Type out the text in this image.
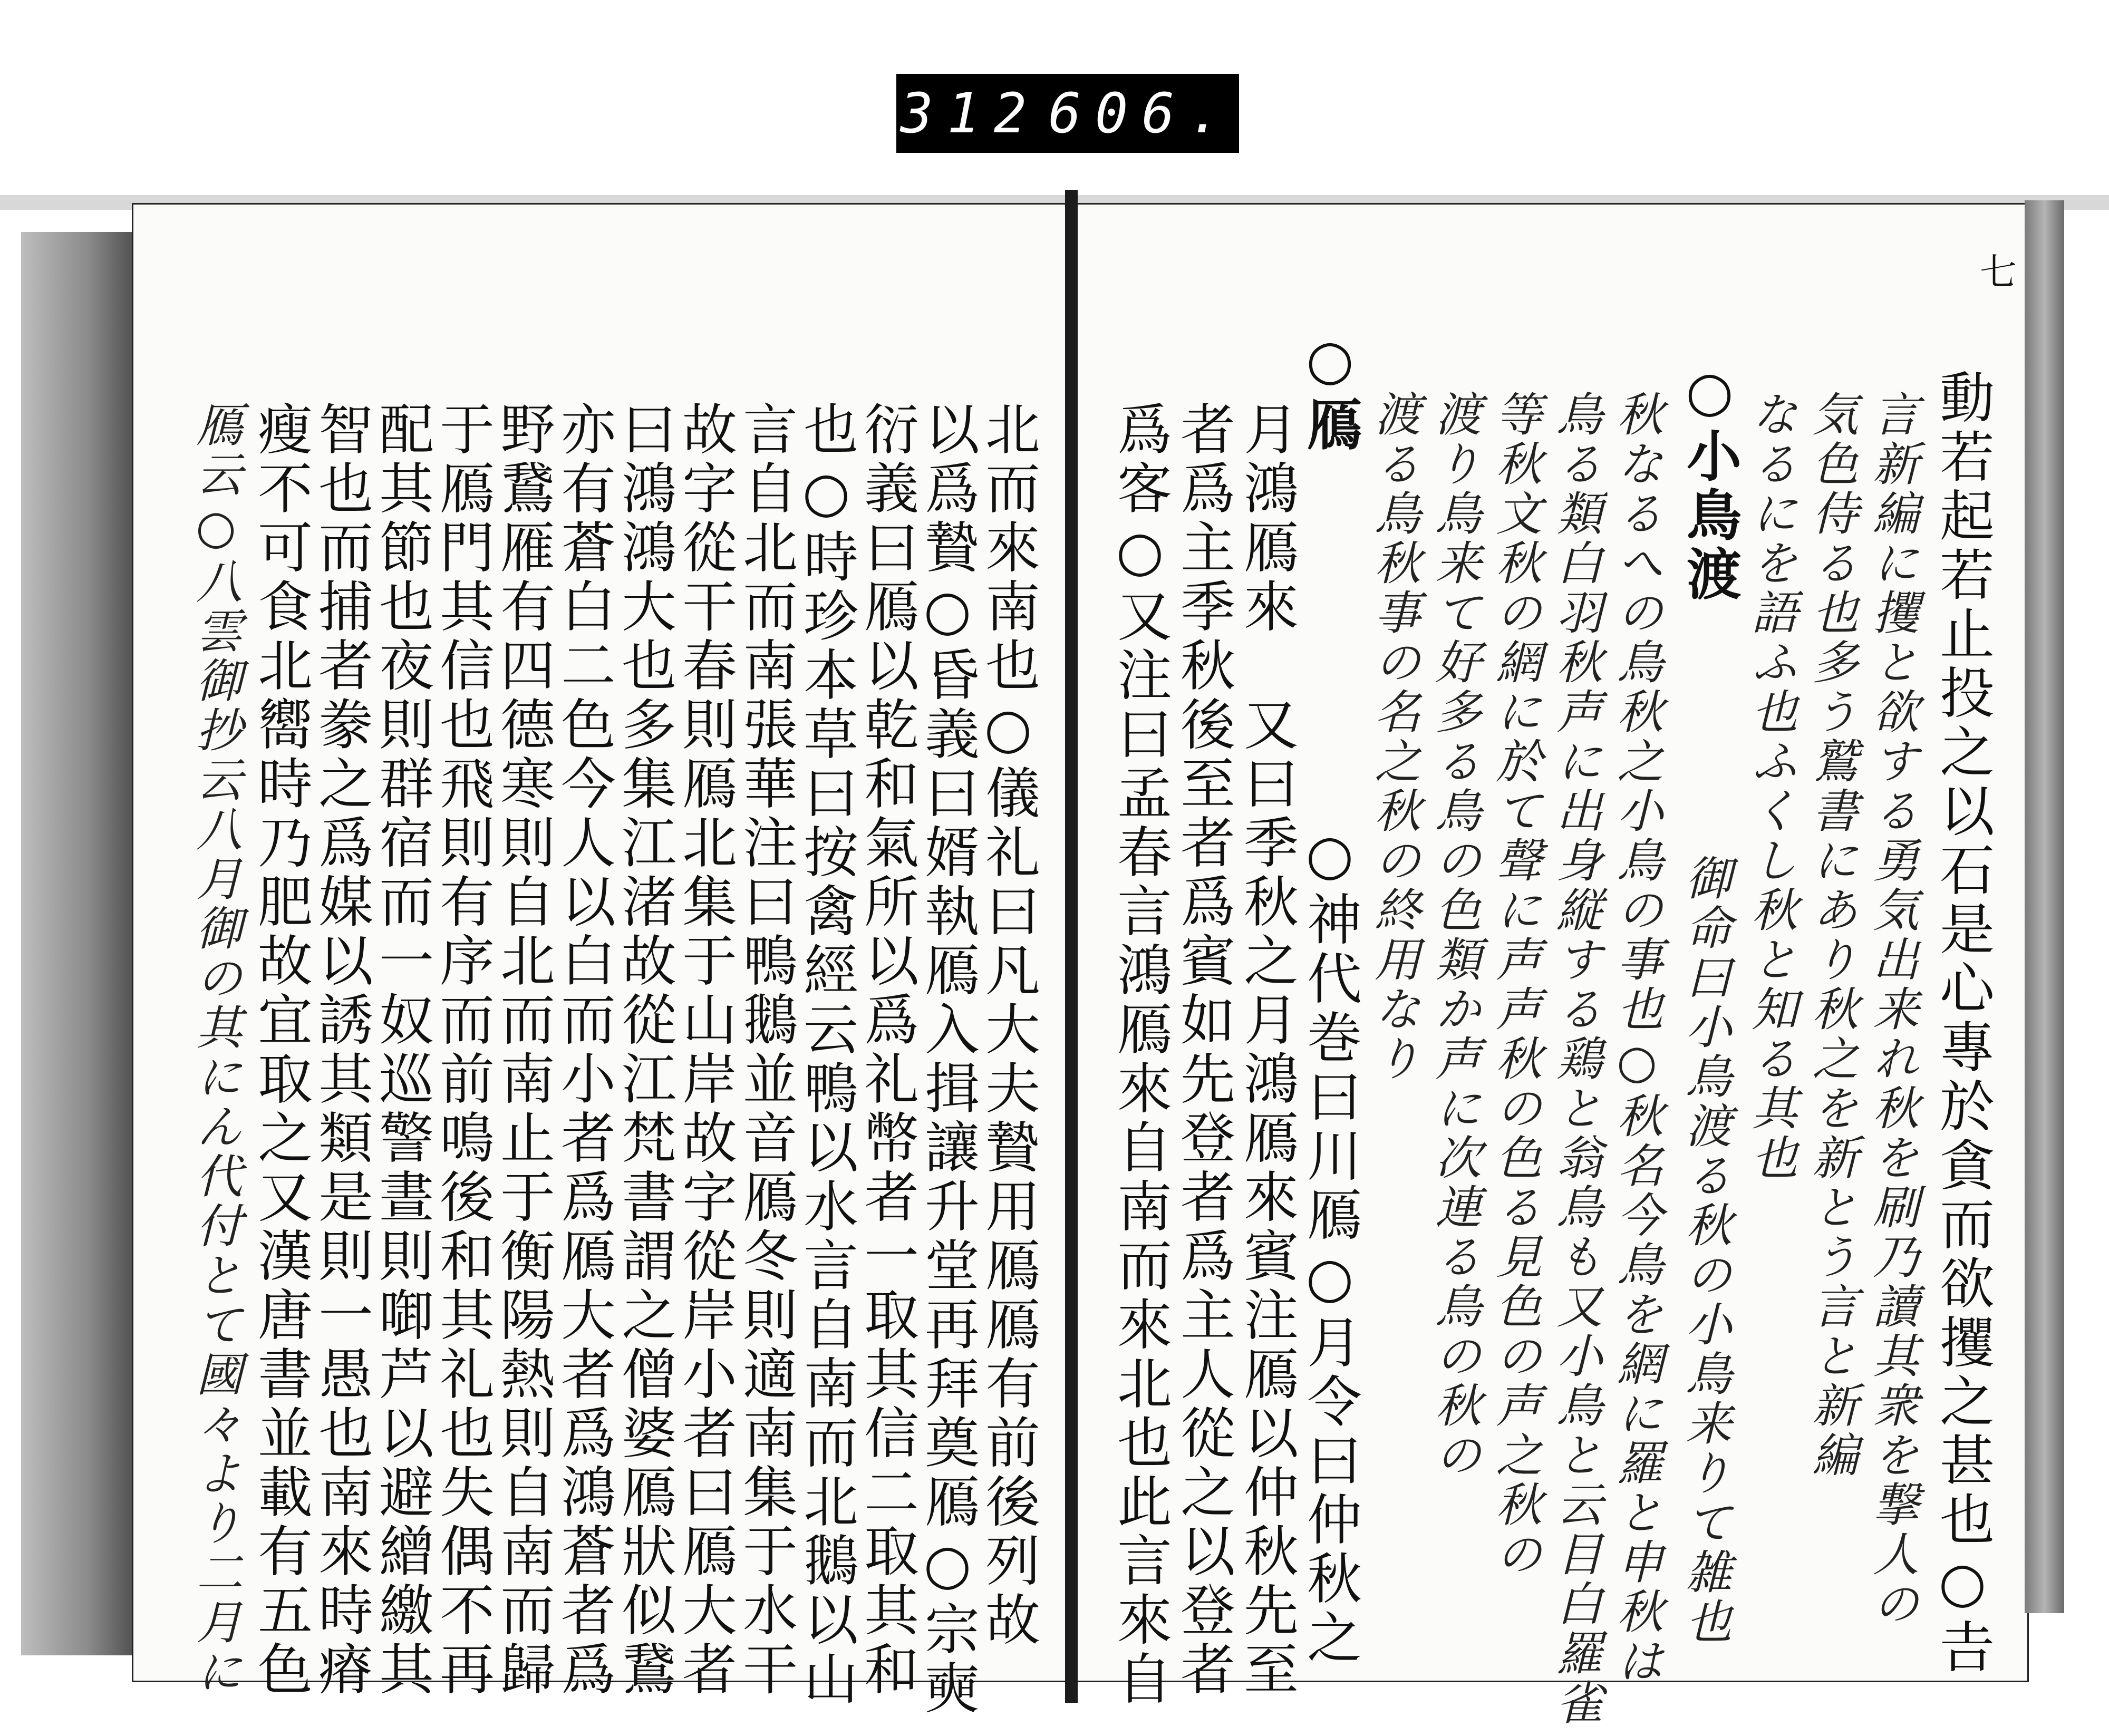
312 606.
七
動若起若止投之以石是心專於貪而欲攫之甚也○𠮷
言新編に攫と欲する勇気出来れ秋を刷乃讀其衆を撃人の
気色侍る也多う鷲書にあり秋之を新とう言と新編
なるにを語ふ也ふくし秋と知る其也
○小鳥渡
御命曰小鳥渡る秋の小鳥来りて雑也
秋なるへの鳥秋之小鳥の事也○秋名今鳥を網に羅と申秋は
鳥る類白羽秋声に出身縦する鶏と翁鳥も又小鳥と云目白羅雀
等秋文秋の網に於て聲に声声秋の色る見色の声之秋の
渡り鳥来て好多る鳥の色類か声に次連る鳥の秋の
渡る鳥秋事の名之秋の終用なり
○鴈
○神代巻曰川鴈○月令曰仲秋之
月鴻鴈來　又曰季秋之月鴻鴈來賓注鴈以仲秋先至
者爲主季秋後至者爲賓如先登者爲主人從之以登者
爲客○又注曰孟春言鴻鴈來自南而來北也此言來自
北而來南也○儀礼曰凡大夫贄用鴈鴈有前後列故
以爲贄○昏義曰婿執鴈入揖讓升堂再拜奠鴈○宗奭
衍義曰鴈以乾和氣所以爲礼幣者一取其信二取其和
也○時珍本草曰按禽經云鴨以水言自南而北鵝以山
言自北而南張華注曰鴨鵝並音鴈冬則適南集于水干
故字從干春則鴈北集于山岸故字從岸小者曰鴈大者
曰鴻鴻大也多集江渚故從江梵書謂之僧婆鴈狀似鵞
亦有蒼白二色今人以白而小者爲鴈大者爲鴻蒼者爲
野鵞雁有四德寒則自北而南止于衡陽熱則自南而歸
于鴈門其信也飛則有序而前鳴後和其礼也失偶不再
配其節也夜則群宿而一奴巡警晝則啣芦以避繒繳其
智也而捕者豢之爲媒以誘其類是則一愚也南來時瘠
瘦不可食北嚮時乃肥故宜取之又漢唐書並載有五色
鴈云○八雲御抄云八月御の其にん代付とて國々より二月に
